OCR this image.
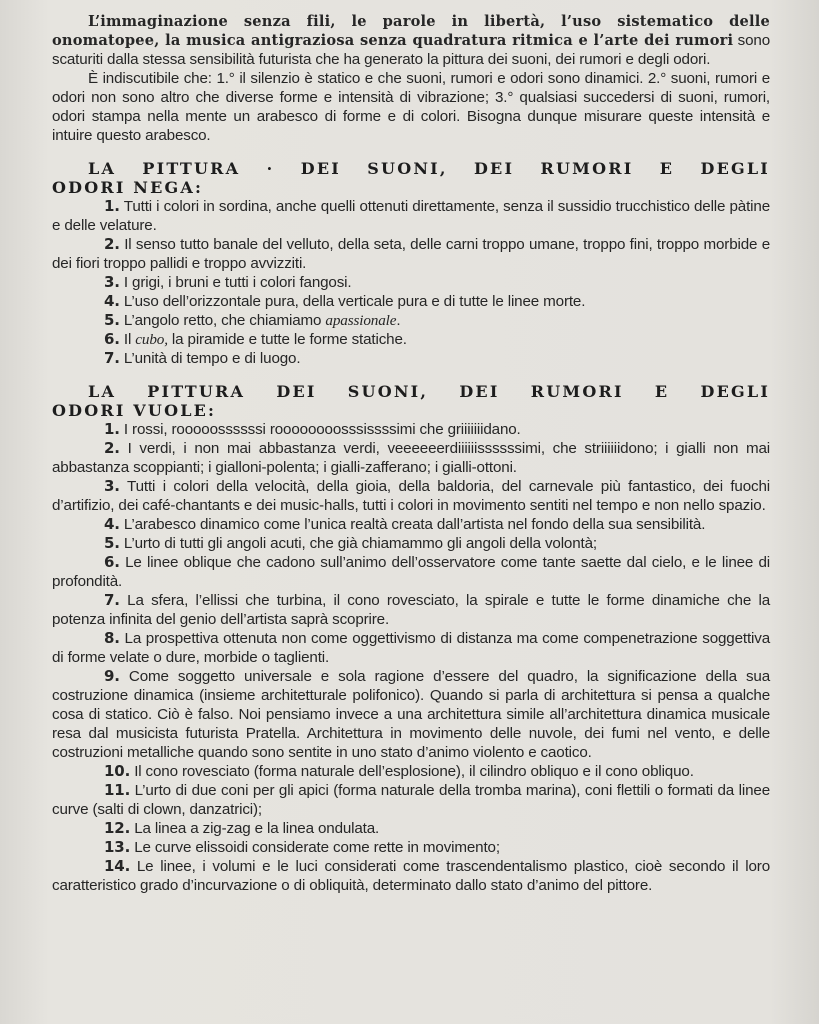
L’immaginazione senza fili, le parole in libertà, l’uso sistematico delle onomatopee, la musica antigraziosa senza quadratura ritmica e l’arte dei rumori sono scaturiti dalla stessa sensibilità futurista che ha generato la pittura dei suoni, dei rumori e degli odori.

È indiscutibile che: 1.° il silenzio è statico e che suoni, rumori e odori sono dinamici. 2.° suoni, rumori e odori non sono altro che diverse forme e intensità di vibrazione; 3.° qualsiasi succedersi di suoni, rumori, odori stampa nella mente un arabesco di forme e di colori. Bisogna dunque misurare queste intensità e intuire questo arabesco.

LA PITTURA · DEI SUONI, DEI RUMORI E DEGLI
ODORI NEGA:

1. Tutti i colori in sordina, anche quelli ottenuti direttamente, senza il sussidio trucchistico delle pàtine e delle velature.

2. Il senso tutto banale del velluto, della seta, delle carni troppo umane, troppo fini, troppo morbide e dei fiori troppo pallidi e troppo avvizziti.

3. I grigi, i bruni e tutti i colori fangosi.

4. L’uso dell’orizzontale pura, della verticale pura e di tutte le linee morte.

5. L’angolo retto, che chiamiamo apassionale.

6. Il cubo, la piramide e tutte le forme statiche.

7. L’unità di tempo e di luogo.

LA PITTURA DEI SUONI, DEI RUMORI E DEGLI
ODORI VUOLE:

1. I rossi, rooooossssssi roooooooosssissssimi che griiiiiiidano.

2. I verdi, i non mai abbastanza verdi, veeeeeerdiiiiiissssssimi, che striiiiiidono; i gialli non mai abbastanza scoppianti; i gialloni-polenta; i gialli-zafferano; i gialli-ottoni.

3. Tutti i colori della velocità, della gioia, della baldoria, del carnevale più fantastico, dei fuochi d’artifizio, dei café-chantants e dei music-halls, tutti i colori in movimento sentiti nel tempo e non nello spazio.

4. L’arabesco dinamico come l’unica realtà creata dall’artista nel fondo della sua sensibilità.

5. L’urto di tutti gli angoli acuti, che già chiamammo gli angoli della volontà;

6. Le linee oblique che cadono sull’animo dell’osservatore come tante saette dal cielo, e le linee di profondità.

7. La sfera, l’ellissi che turbina, il cono rovesciato, la spirale e tutte le forme dinamiche che la potenza infinita del genio dell’artista saprà scoprire.

8. La prospettiva ottenuta non come oggettivismo di distanza ma come compenetrazione soggettiva di forme velate o dure, morbide o taglienti.

9. Come soggetto universale e sola ragione d’essere del quadro, la significazione della sua costruzione dinamica (insieme architetturale polifonico). Quando si parla di architettura si pensa a qualche cosa di statico. Ciò è falso. Noi pensiamo invece a una architettura simile all’architettura dinamica musicale resa dal musicista futurista Pratella. Architettura in movimento delle nuvole, dei fumi nel vento, e delle costruzioni metalliche quando sono sentite in uno stato d’animo violento e caotico.

10. Il cono rovesciato (forma naturale dell’esplosione), il cilindro obliquo e il cono obliquo.

11. L’urto di due coni per gli apici (forma naturale della tromba marina), coni flettili o formati da linee curve (salti di clown, danzatrici);

12. La linea a zig-zag e la linea ondulata.

13. Le curve elissoidi considerate come rette in movimento;

14. Le linee, i volumi e le luci considerati come trascendentalismo plastico, cioè secondo il loro caratteristico grado d’incurvazione o di obliquità, determinato dallo stato d’animo del pittore.
